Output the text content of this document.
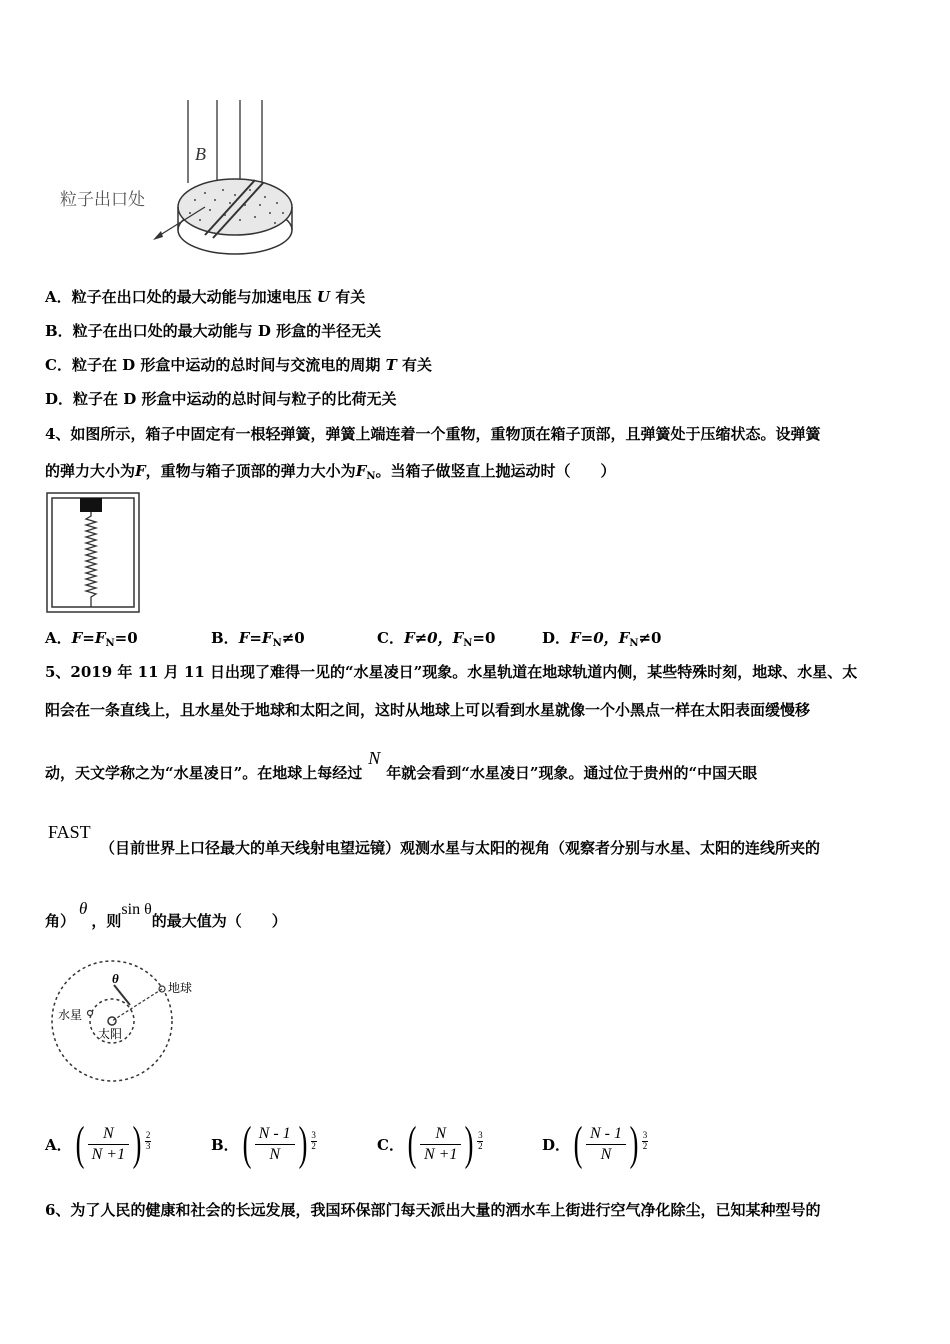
B
粒子出口处
A．粒子在出口处的最大动能与加速电压 U 有关
B．粒子在出口处的最大动能与 D 形盒的半径无关
C．粒子在 D 形盒中运动的总时间与交流电的周期 T 有关
D．粒子在 D 形盒中运动的总时间与粒子的比荷无关
4、如图所示，箱子中固定有一根轻弹簧，弹簧上端连着一个重物，重物顶在箱子顶部，且弹簧处于压缩状态。设弹簧
的弹力大小为F，重物与箱子顶部的弹力大小为$F_N$。当箱子做竖直上抛运动时（　　）
A．$F=F_N=0$	B．$F=F_N\ne 0$	C．F≠0，$F_N=0$	D．F=0，$F_N\ne 0$
5、2019 年 11 月 11 日出现了难得一见的“水星凌日”现象。水星轨道在地球轨道内侧，某些特殊时刻，地球、水星、太
阳会在一条直线上，且水星处于地球和太阳之间，这时从地球上可以看到水星就像一个小黑点一样在太阳表面缓慢移
动，天文学称之为“水星凌日”。在地球上每经过N年就会看到“水星凌日”现象。通过位于贵州的“中国天眼
FAST
（目前世界上口径最大的单天线射电望远镜）观测水星与太阳的视角（观察者分别与水星、太阳的连线所夹的
角）θ，则sin θ的最大值为（　　）
θ
地球
水星
太阳
A． ( $\frac{N}{N +1}$ ) 2
3	B． ( $\frac{N - 1}{N}$ ) 3
2	C． ( $\frac{N}{N +1}$ ) 3
2	D． ( $\frac{N - 1}{N}$ ) 3
2
6、为了人民的健康和社会的长远发展，我国环保部门每天派出大量的洒水车上街进行空气净化除尘，已知某种型号的
